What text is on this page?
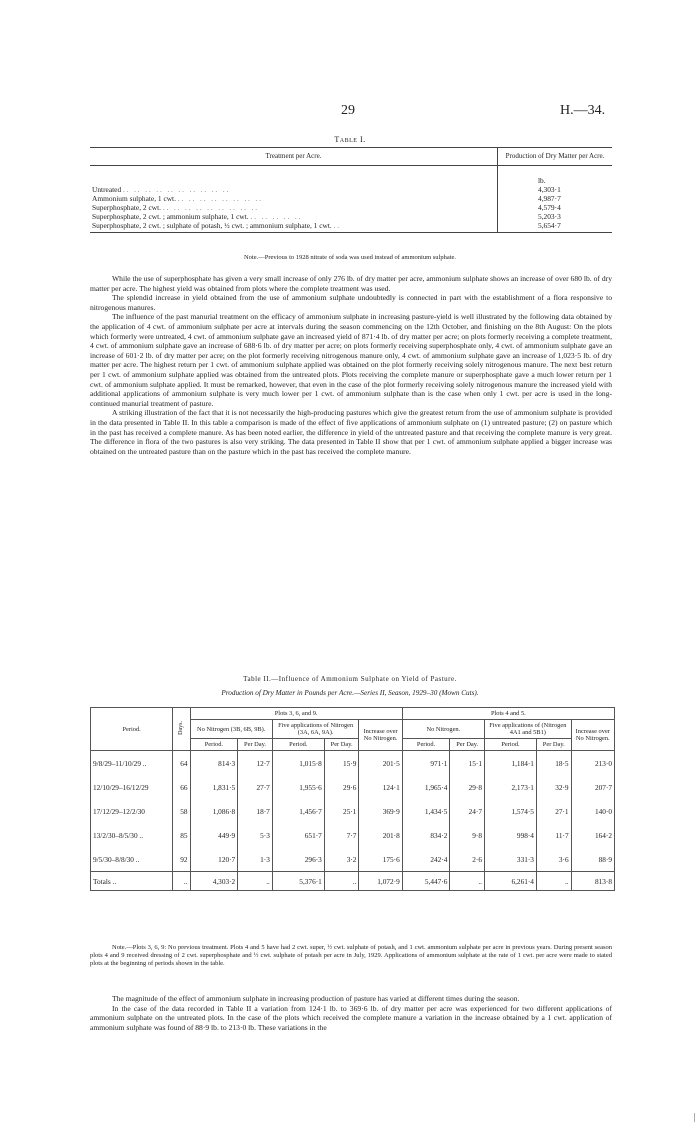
29	H.—34.
Table I.
Treatment per Acre.	Production of Dry Matter per Acre.

	lb.
Untreated . .   . .   . .   . .   . .   . .   . .   . .   . .   . .	4,303·1
Ammonium sulphate, 1 cwt. . .   . .   . .   . .   . .   . .   . .   . .	4,987·7
Superphosphate, 2 cwt. . .   . .   . .   . .   . .   . .   . .   . .   . .	4,579·4
Superphosphate, 2 cwt. ; ammonium sulphate, 1 cwt. . .   . .   . .   . .   . .	5,203·3
Superphosphate, 2 cwt. ; sulphate of potash, ½ cwt. ; ammonium sulphate, 1 cwt. . .	5,654·7
Note.—Previous to 1928 nitrate of soda was used instead of ammonium sulphate.

While the use of superphosphate has given a very small increase of only 276 lb. of dry matter per acre, ammonium sulphate shows an increase of over 680 lb. of dry matter per acre. The highest yield was obtained from plots where the complete treatment was used.

The splendid increase in yield obtained from the use of ammonium sulphate undoubtedly is connected in part with the establishment of a flora responsive to nitrogenous manures.

The influence of the past manurial treatment on the efficacy of ammonium sulphate in increasing pasture-yield is well illustrated by the following data obtained by the application of 4 cwt. of ammonium sulphate per acre at intervals during the season commencing on the 12th October, and finishing on the 8th August: On the plots which formerly were untreated, 4 cwt. of ammonium sulphate gave an increased yield of 871·4 lb. of dry matter per acre; on plots formerly receiving a complete treatment, 4 cwt. of ammonium sulphate gave an increase of 688·6 lb. of dry matter per acre; on plots formerly receiving superphosphate only, 4 cwt. of ammonium sulphate gave an increase of 601·2 lb. of dry matter per acre; on the plot formerly receiving nitrogenous manure only, 4 cwt. of ammonium sulphate gave an increase of 1,023·5 lb. of dry matter per acre. The highest return per 1 cwt. of ammonium sulphate applied was obtained on the plot formerly receiving solely nitrogenous manure. The next best return per 1 cwt. of ammonium sulphate applied was obtained from the untreated plots. Plots receiving the complete manure or superphosphate gave a much lower return per 1 cwt. of ammonium sulphate applied. It must be remarked, however, that even in the case of the plot formerly receiving solely nitrogenous manure the increased yield with additional applications of ammonium sulphate is very much lower per 1 cwt. of ammonium sulphate than is the case when only 1 cwt. per acre is used in the long-continued manurial treatment of pasture.

A striking illustration of the fact that it is not necessarily the high-producing pastures which give the greatest return from the use of ammonium sulphate is provided in the data presented in Table II. In this table a comparison is made of the effect of five applications of ammonium sulphate on (1) untreated pasture; (2) on pasture which in the past has received a complete manure. As has been noted earlier, the difference in yield of the untreated pasture and that receiving the complete manure is very great. The difference in flora of the two pastures is also very striking. The data presented in Table II show that per 1 cwt. of ammonium sulphate applied a bigger increase was obtained on the untreated pasture than on the pasture which in the past has received the complete manure.

Table II.—Influence of Ammonium Sulphate on Yield of Pasture.
Production of Dry Matter in Pounds per Acre.—Series II, Season, 1929–30 (Mown Cuts).
Period.	Days.	Plots 3, 6, and 9.					Plots 4 and 5.				
		No Nitrogen (3B, 6B, 9B).		Five applications of Nitrogen (3A, 6A, 9A).		Increase over No Nitrogen.	No Nitrogen.		Five applications of (Nitrogen 4A1 and 5B1)		Increase over No Nitrogen.
		Period.	Per Day.	Period.	Per Day.		Period.	Per Day.	Period.	Per Day.	
9/8/29–11/10/29 ..	64	814·3	12·7	1,015·8	15·9	201·5	971·1	15·1	1,184·1	18·5	213·0
12/10/29–16/12/29	66	1,831·5	27·7	1,955·6	29·6	124·1	1,965·4	29·8	2,173·1	32·9	207·7
17/12/29–12/2/30	58	1,086·8	18·7	1,456·7	25·1	369·9	1,434·5	24·7	1,574·5	27·1	140·0
13/2/30–8/5/30 ..	85	449·9	5·3	651·7	7·7	201·8	834·2	9·8	998·4	11·7	164·2
9/5/30–8/8/30 ..	92	120·7	1·3	296·3	3·2	175·6	242·4	2·6	331·3	3·6	88·9
Totals ..	..	4,303·2	..	5,376·1	..	1,072·9	5,447·6	..	6,261·4	..	813·8
Note.—Plots 3, 6, 9: No previous treatment. Plots 4 and 5 have had 2 cwt. super, ½ cwt. sulphate of potash, and 1 cwt. ammonium sulphate per acre in previous years. During present season plots 4 and 9 received dressing of 2 cwt. superphosphate and ½ cwt. sulphate of potash per acre in July, 1929. Applications of ammonium sulphate at the rate of 1 cwt. per acre were made to stated plots at the beginning of periods shown in the table.

The magnitude of the effect of ammonium sulphate in increasing production of pasture has varied at different times during the season.

In the case of the data recorded in Table II a variation from 124·1 lb. to 369·6 lb. of dry matter per acre was experienced for two different applications of ammonium sulphate on the untreated plots. In the case of the plots which received the complete manure a variation in the increase obtained by a 1 cwt. application of ammonium sulphate was found of 88·9 lb. to 213·0 lb. These variations in the
